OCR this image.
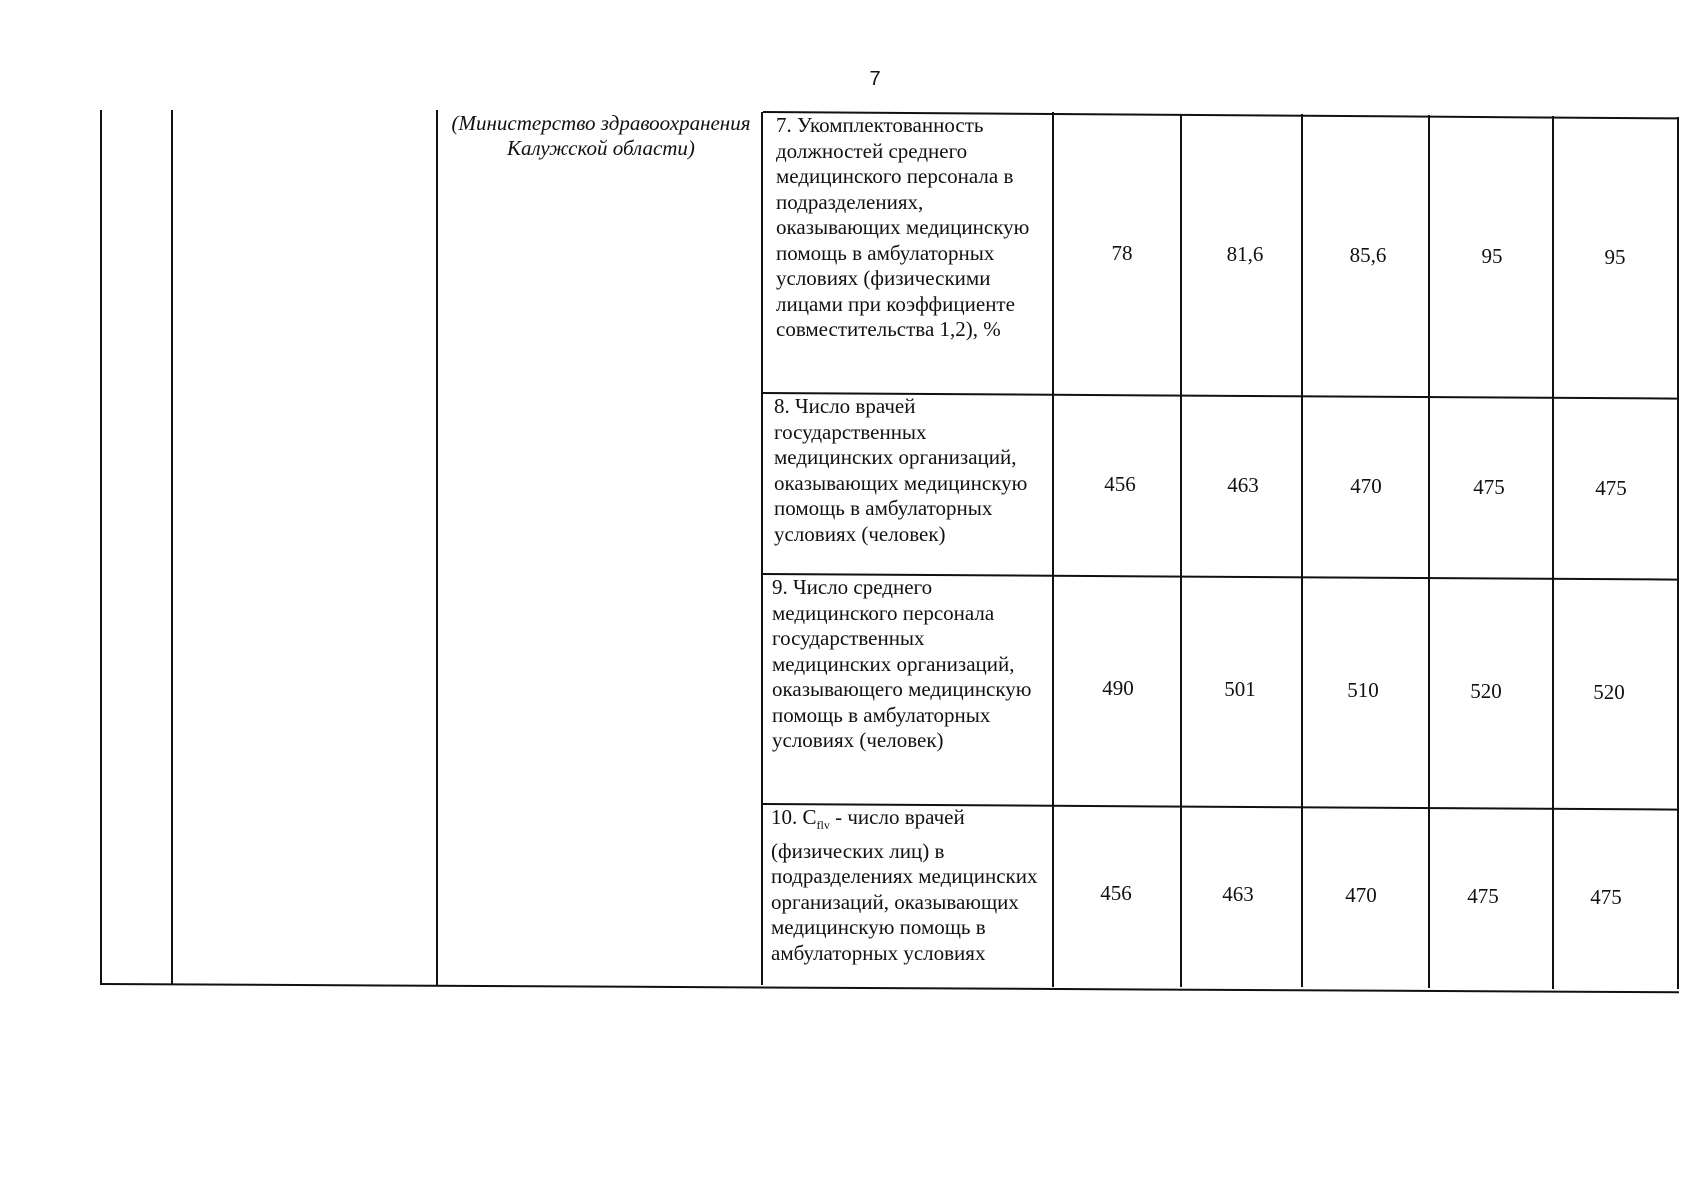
7
(Министерство здравоохранения Калужской области)
7. Укомплектованность должностей среднего медицинского персонала в подразделениях, оказывающих медицинскую помощь в амбулаторных условиях (физическими лицами при коэффициенте совместительства 1,2), %
78	81,6	85,6	95	95
8. Число врачей государственных медицинских организаций, оказывающих медицинскую помощь в амбулаторных условиях (человек)
456	463	470	475	475
9. Число среднего медицинского персонала государственных медицинских организаций, оказывающего медицинскую помощь в амбулаторных условиях (человек)
490	501	510	520	520
10. $C_{flv}$ - число врачей (физических лиц) в подразделениях медицинских организаций, оказывающих медицинскую помощь в амбулаторных условиях
456	463	470	475	475
